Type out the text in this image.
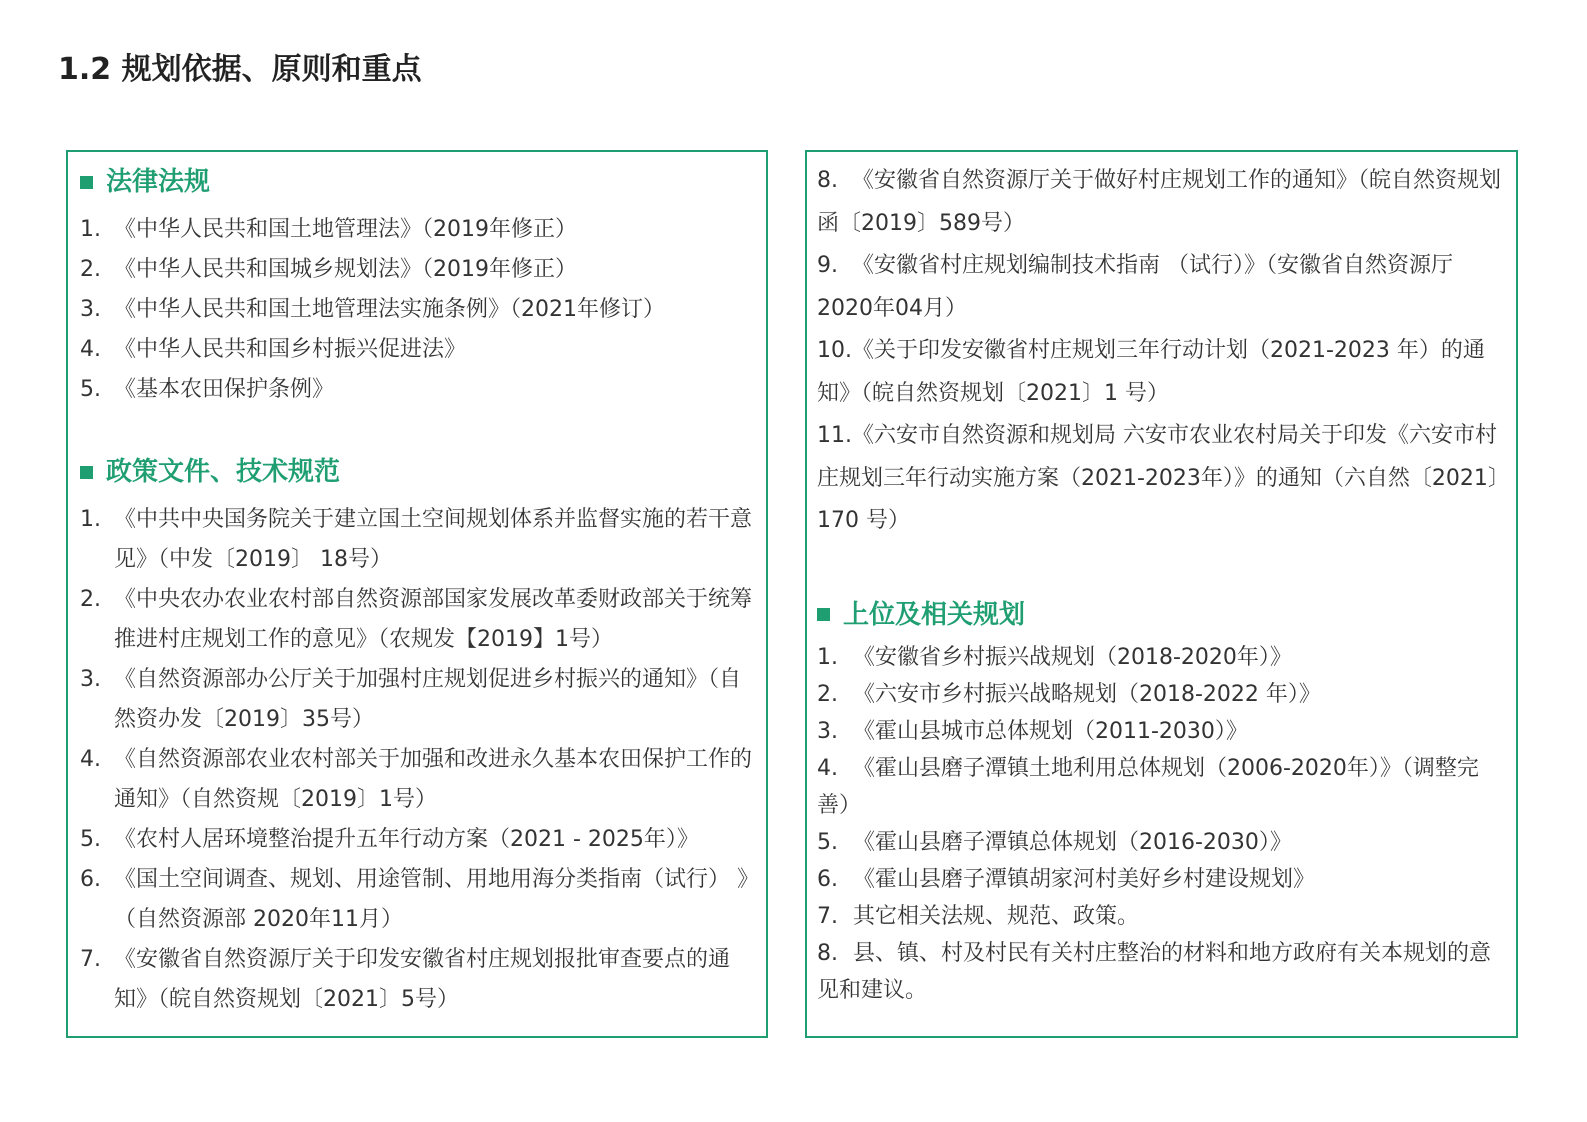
1.2 规划依据、原则和重点
法律法规
1. 《中华人民共和国土地管理法》（2019年修正）
2. 《中华人民共和国城乡规划法》（2019年修正）
3. 《中华人民共和国土地管理法实施条例》（2021年修订）
4. 《中华人民共和国乡村振兴促进法》
5. 《基本农田保护条例》
政策文件、技术规范
1. 《中共中央国务院关于建立国土空间规划体系并监督实施的若干意见》（中发〔2019〕 18号）
2. 《中央农办农业农村部自然资源部国家发展改革委财政部关于统筹推进村庄规划工作的意见》（农规发【2019】1号）
3. 《自然资源部办公厅关于加强村庄规划促进乡村振兴的通知》（自然资办发〔2019〕35号）
4. 《自然资源部农业农村部关于加强和改进永久基本农田保护工作的通知》（自然资规〔2019〕1号）
5. 《农村人居环境整治提升五年行动方案（2021 - 2025年）》
6. 《国土空间调查、规划、用途管制、用地用海分类指南（试行） 》（自然资源部 2020年11月）
7. 《安徽省自然资源厅关于印发安徽省村庄规划报批审查要点的通知》（皖自然资规划〔2021〕5号）
8. 《安徽省自然资源厅关于做好村庄规划工作的通知》（皖自然资规划函〔2019〕589号）
9. 《安徽省村庄规划编制技术指南 （试行）》（安徽省自然资源厅 2020年04月）
10.《关于印发安徽省村庄规划三年行动计划（2021-2023 年）的通知》（皖自然资规划〔2021〕1 号）
11.《六安市自然资源和规划局 六安市农业农村局关于印发《六安市村庄规划三年行动实施方案（2021-2023年）》的通知（六自然〔2021〕170 号）
上位及相关规划
1. 《安徽省乡村振兴战规划（2018-2020年）》
2. 《六安市乡村振兴战略规划（2018-2022 年）》
3. 《霍山县城市总体规划（2011-2030）》
4. 《霍山县磨子潭镇土地利用总体规划（2006-2020年）》（调整完善）
5. 《霍山县磨子潭镇总体规划（2016-2030）》
6. 《霍山县磨子潭镇胡家河村美好乡村建设规划》
7. 其它相关法规、规范、政策。
8. 县、镇、村及村民有关村庄整治的材料和地方政府有关本规划的意见和建议。
